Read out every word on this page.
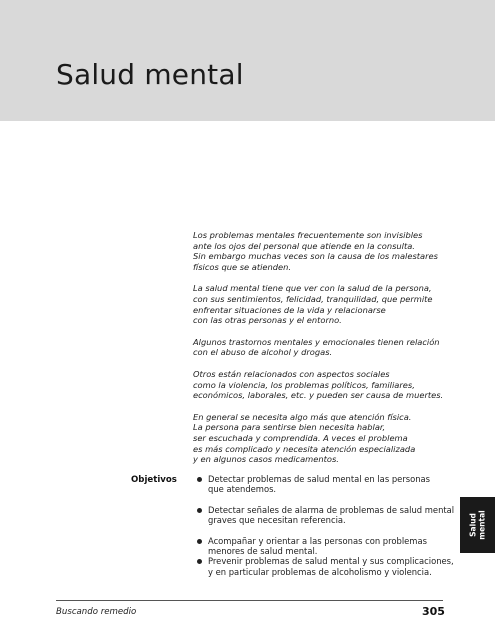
Salud mental

Los problemas mentales frecuentemente son invisibles
ante los ojos del personal que atiende en la consulta.
Sin embargo muchas veces son la causa de los malestares
físicos que se atienden.

La salud mental tiene que ver con la salud de la persona,
con sus sentimientos, felicidad, tranquilidad, que permite
enfrentar situaciones de la vida y relacionarse
con las otras personas y el entorno.

Algunos trastornos mentales y emocionales tienen relación
con el abuso de alcohol y drogas.

Otros están relacionados con aspectos sociales
como la violencia, los problemas políticos, familiares,
económicos, laborales, etc. y pueden ser causa de muertes.

En general se necesita algo más que atención física.
La persona para sentirse bien necesita hablar,
ser escuchada y comprendida. A veces el problema
es más complicado y necesita atención especializada
y en algunos casos medicamentos.

Objetivos	Detectar problemas de salud mental en las personas
que atendemos.
Detectar señales de alarma de problemas de salud mental
graves que necesitan referencia.
Acompañar y orientar a las personas con problemas
menores de salud mental.
Prevenir problemas de salud mental y sus complicaciones,
y en particular problemas de alcoholismo y violencia.
Salud mental
Buscando remedio	305
